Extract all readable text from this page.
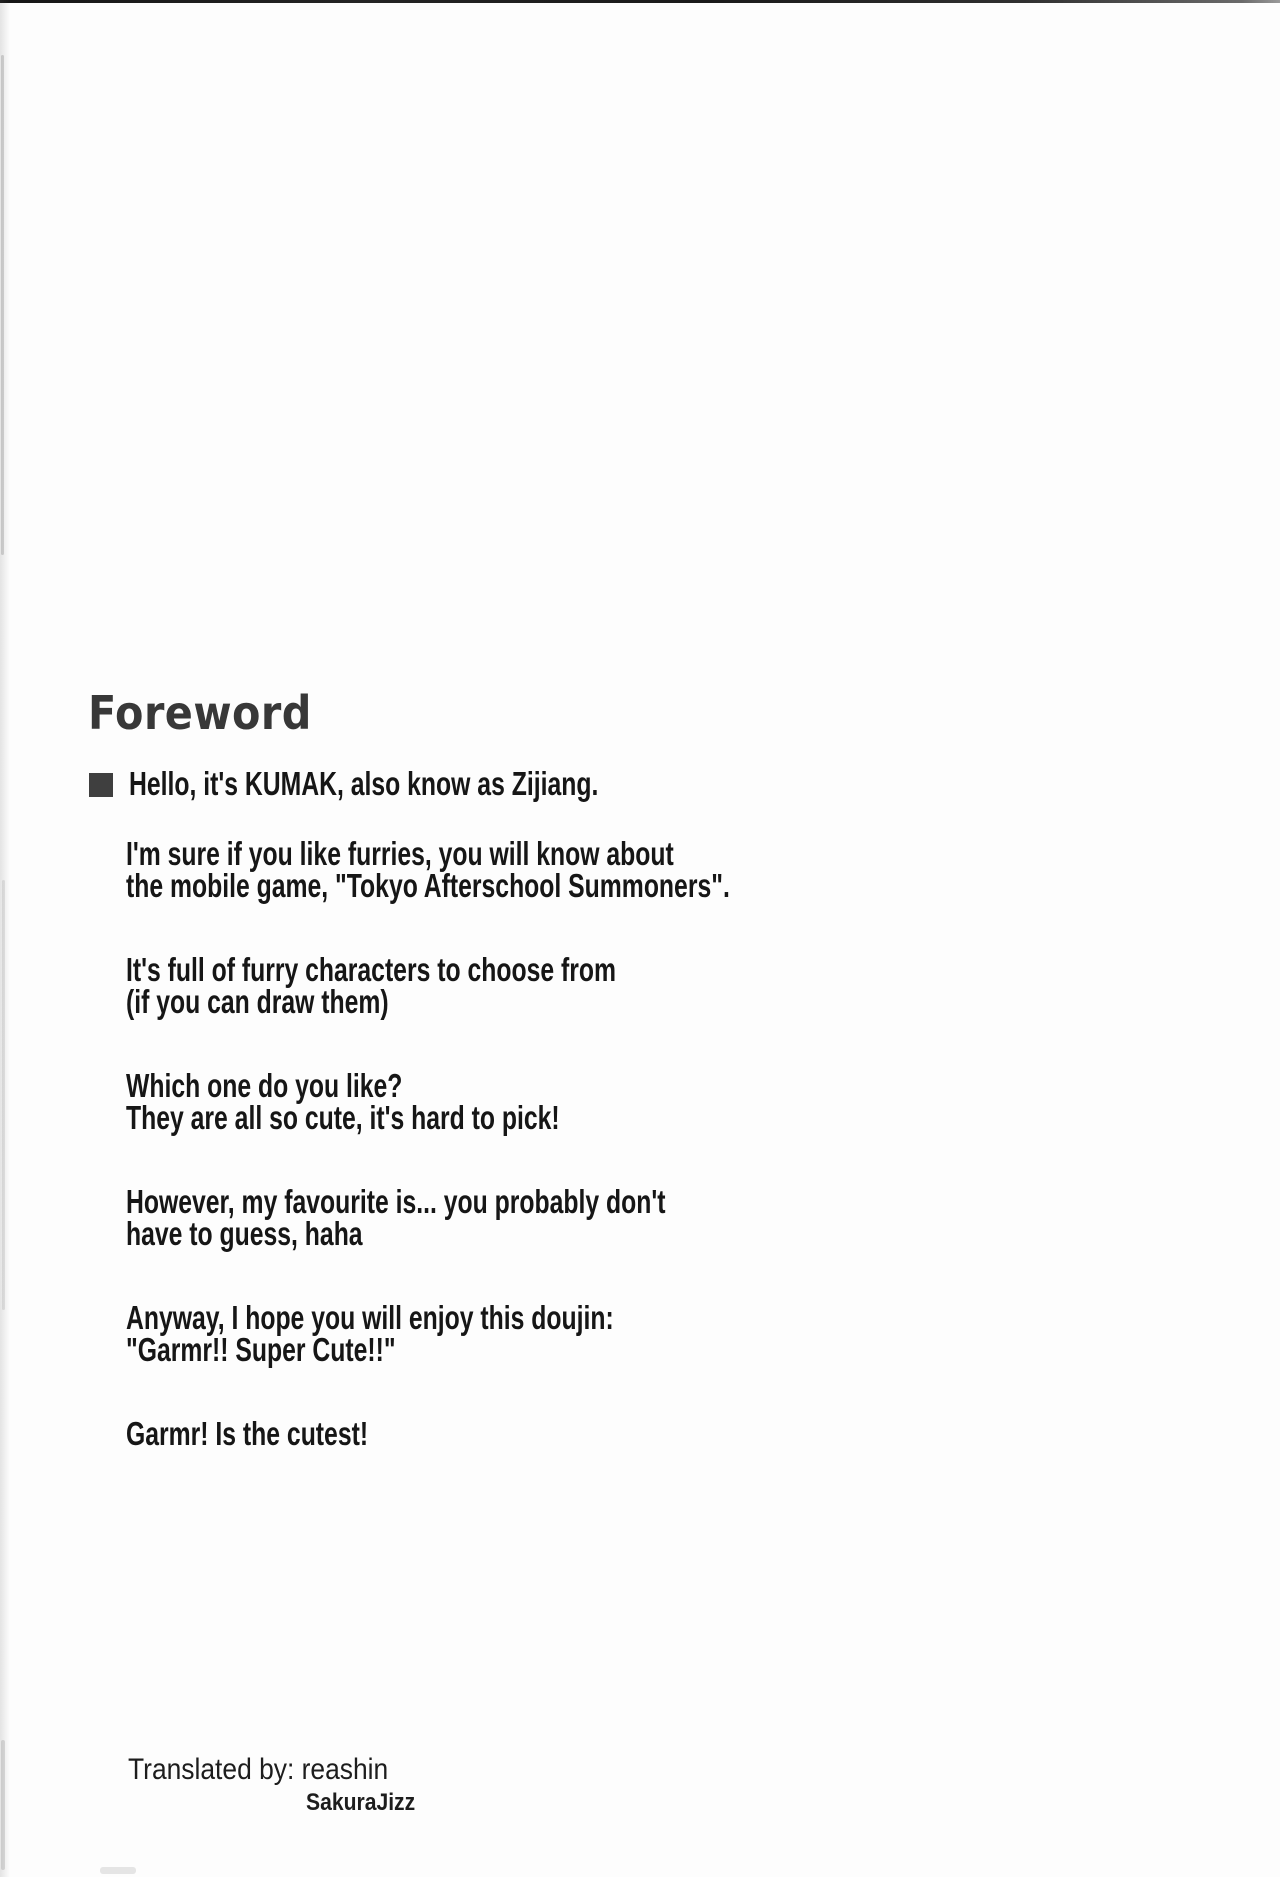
Foreword
Hello, it's KUMAK, also know as Zijiang.

I'm sure if you like furries, you will know about
the mobile game, "Tokyo Afterschool Summoners".

It's full of furry characters to choose from
(if you can draw them)

Which one do you like?
They are all so cute, it's hard to pick!

However, my favourite is... you probably don't
have to guess, haha

Anyway, I hope you will enjoy this doujin:
"Garmr!! Super Cute!!"

Garmr! Is the cutest!

Translated by: reashin
SakuraJizz
